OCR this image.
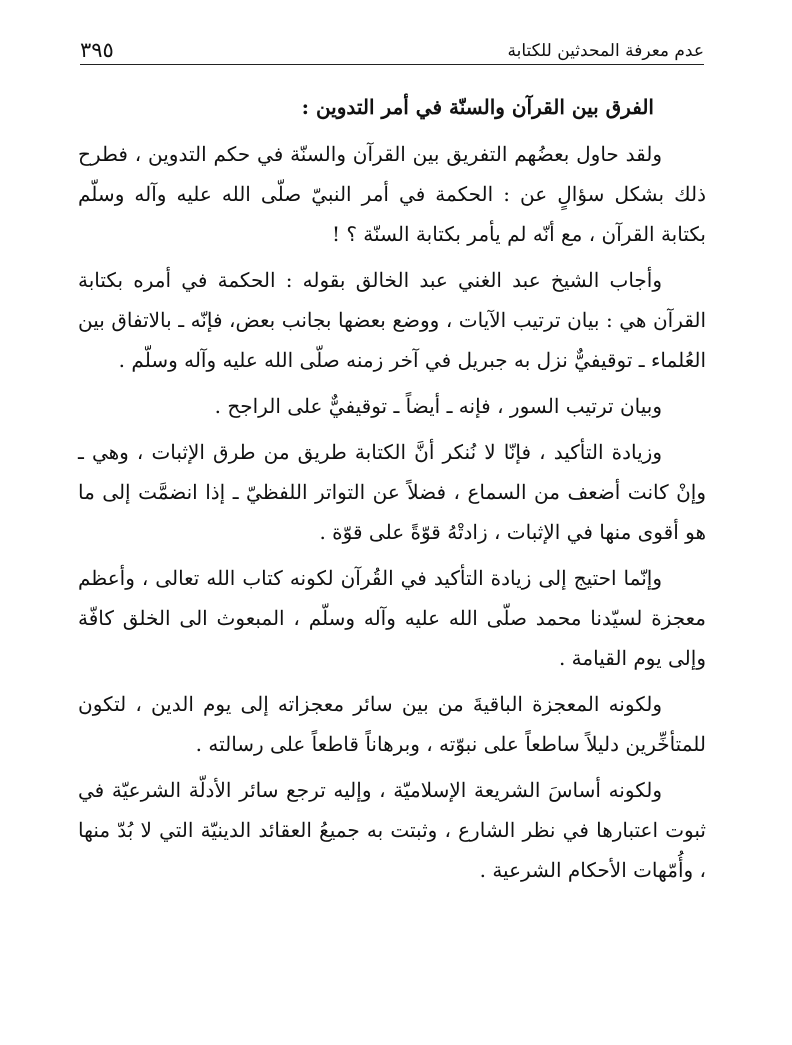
٣٩٥	عدم معرفة المحدثين للكتابة
الفرق بين القرآن والسنّة في أمر التدوين :

ولقد حاول بعضُهم التفريق بين القرآن والسنّة في حكم التدوين ، فطرح ذلك بشكل سؤالٍ عن : الحكمة في أمر النبيّ صلّى الله عليه وآله وسلّم بكتابة القرآن ، مع أنّه لم يأمر بكتابة السنّة ؟ !

وأجاب الشيخ عبد الغني عبد الخالق بقوله : الحكمة في أمره بكتابة القرآن هي : بيان ترتيب الآيات ، ووضع بعضها بجانب بعض، فإنّه ـ بالاتفاق بين العُلماء ـ توقيفيٌّ نزل به جبريل في آخر زمنه صلّى الله عليه وآله وسلّم .

وبيان ترتيب السور ، فإنه ـ أيضاً ـ توقيفيٌّ على الراجح .

وزيادة التأكيد ، فإنّا لا نُنكر أنَّ الكتابة طريق من طرق الإثبات ، وهي ـ وإنْ كانت أضعف من السماع ، فضلاً عن التواتر اللفظيّ ـ إذا انضمَّت إلى ما هو أقوى منها في الإثبات ، زادتْهُ قوّةً على قوّة .

وإنّما احتيج إلى زيادة التأكيد في القُرآن لكونه كتاب الله تعالى ، وأعظم معجزة لسيّدنا محمد صلّى الله عليه وآله وسلّم ، المبعوث الى الخلق كافّة وإلى يوم القيامة .

ولكونه المعجزة الباقيةَ من بين سائر معجزاته إلى يوم الدين ، لتكون للمتأخِّرين دليلاً ساطعاً على نبوّته ، وبرهاناً قاطعاً على رسالته .

ولكونه أساسَ الشريعة الإسلاميّة ، وإليه ترجع سائر الأدلّة الشرعيّة في ثبوت اعتبارها في نظر الشارع ، وثبتت به جميعُ العقائد الدينيّة التي لا بُدّ منها ، وأُمّهات الأحكام الشرعية .
